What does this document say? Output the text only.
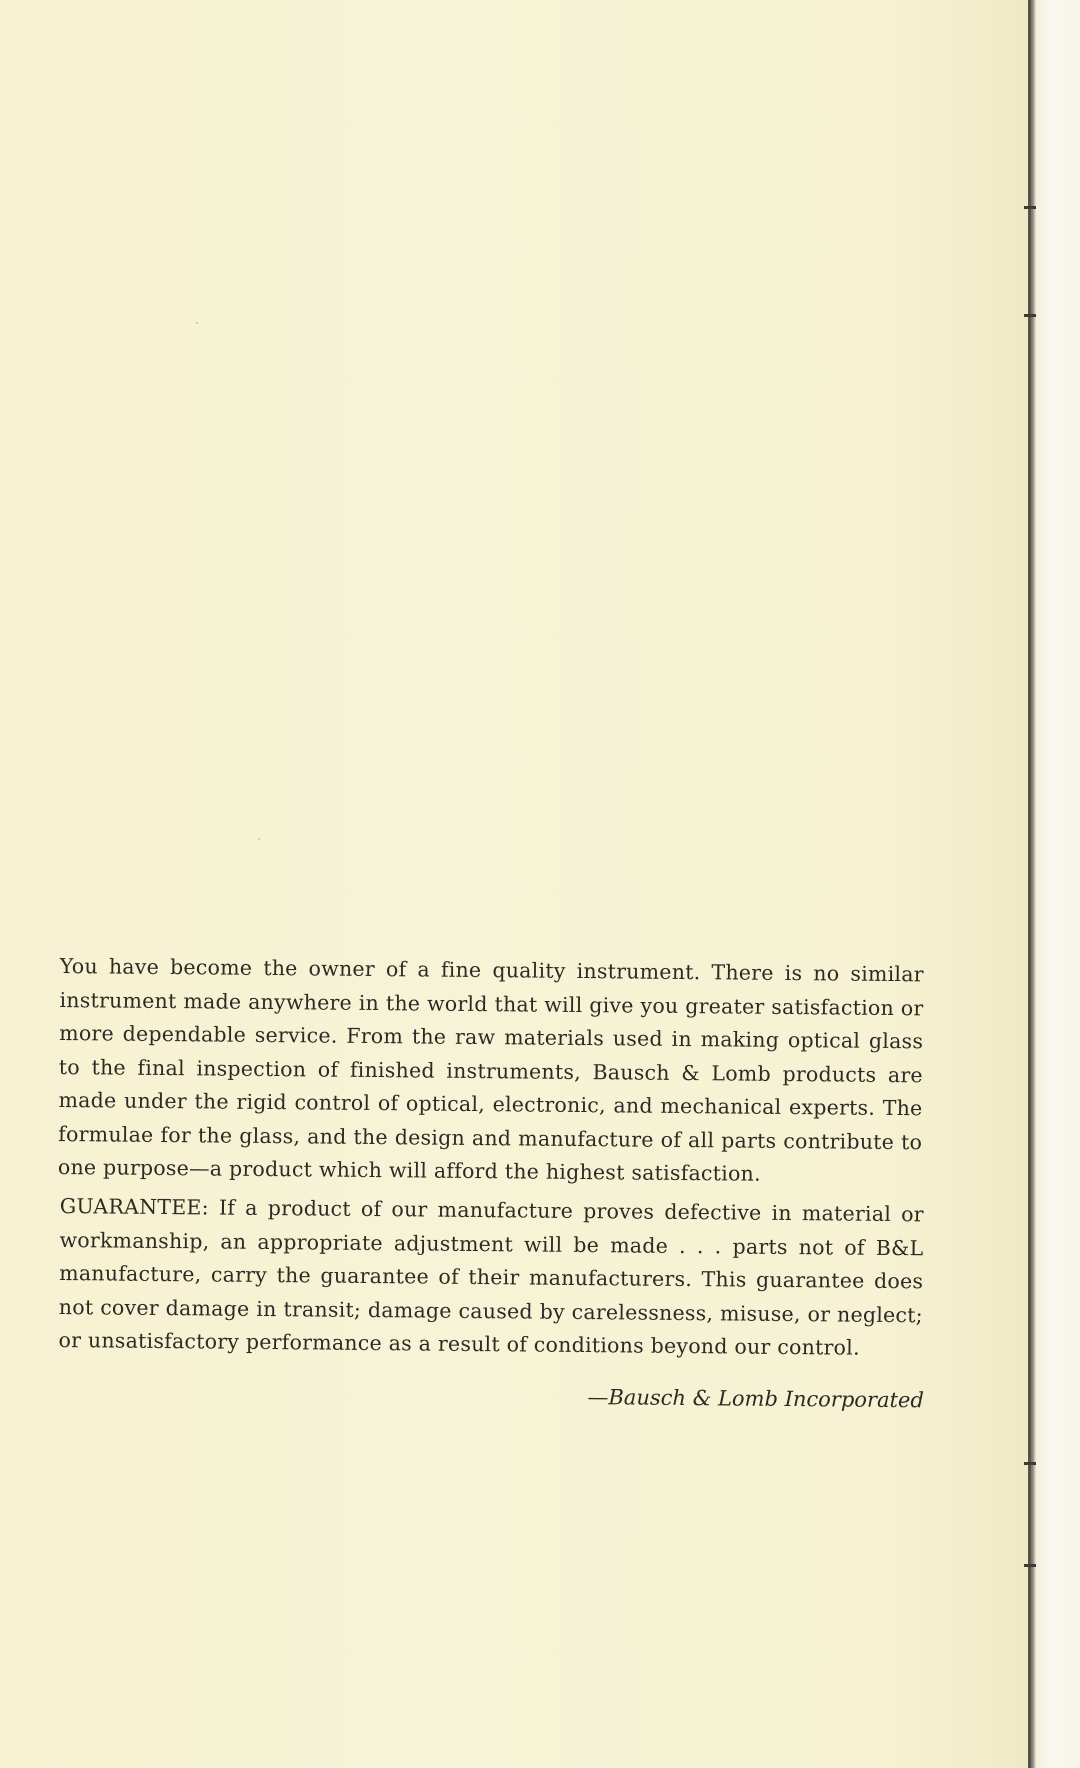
You have become the owner of a fine quality instrument. There is no similar instrument made anywhere in the world that will give you greater satisfaction or more dependable service. From the raw materials used in making optical glass to the final inspection of finished instruments, Bausch & Lomb products are made under the rigid control of optical, electronic, and mechanical experts. The formulae for the glass, and the design and manufacture of all parts contribute to one purpose—a product which will afford the highest satisfaction.

GUARANTEE: If a product of our manufacture proves defective in material or workmanship, an appropriate adjustment will be made . . . parts not of B&L manufacture, carry the guarantee of their manufacturers. This guarantee does not cover damage in transit; damage caused by carelessness, misuse, or neglect; or unsatisfactory performance as a result of conditions beyond our control.

—Bausch & Lomb Incorporated
